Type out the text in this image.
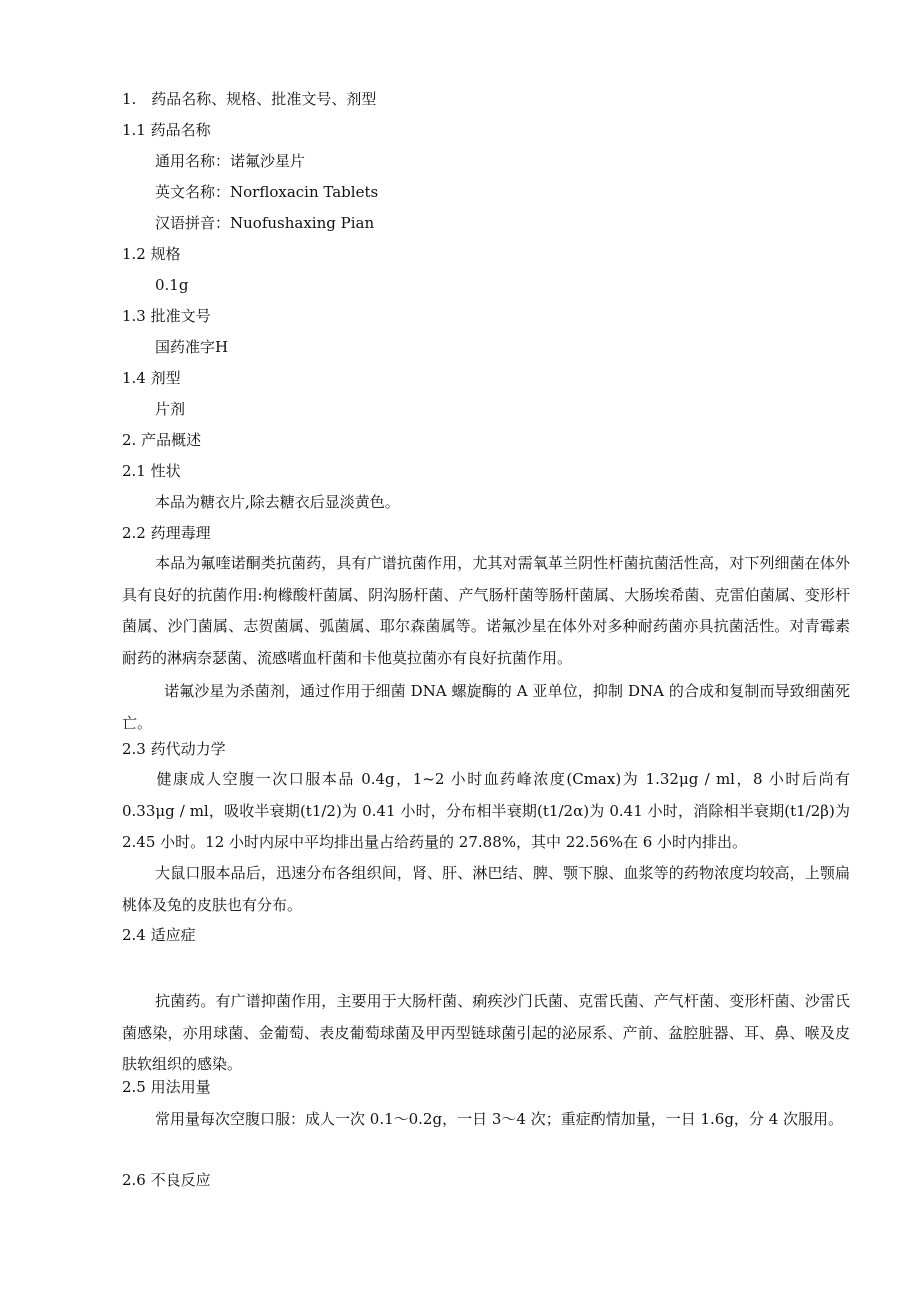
1.　药品名称、规格、批准文号、剂型
1.1 药品名称
通用名称：诺氟沙星片
英文名称：Norfloxacin Tablets
汉语拼音：Nuofushaxing Pian
1.2 规格
0.1g
1.3 批准文号
国药准字H
1.4 剂型
片剂
2. 产品概述
2.1 性状
本品为糖衣片,除去糖衣后显淡黄色。
2.2 药理毒理
本品为氟喹诺酮类抗菌药，具有广谱抗菌作用，尤其对需氧革兰阴性杆菌抗菌活性高，对下列细菌在体外具有良好的抗菌作用:枸橼酸杆菌属、阴沟肠杆菌、产气肠杆菌等肠杆菌属、大肠埃希菌、克雷伯菌属、变形杆菌属、沙门菌属、志贺菌属、弧菌属、耶尔森菌属等。诺氟沙星在体外对多种耐药菌亦具抗菌活性。对青霉素耐药的淋病奈瑟菌、流感嗜血杆菌和卡他莫拉菌亦有良好抗菌作用。
诺氟沙星为杀菌剂，通过作用于细菌 DNA 螺旋酶的 A 亚单位，抑制 DNA 的合成和复制而导致细菌死亡。
2.3 药代动力学
健康成人空腹一次口服本品 0.4g，1~2 小时血药峰浓度(Cmax)为 1.32μg / ml，8 小时后尚有 0.33μg / ml，吸收半衰期(t1/2)为 0.41 小时，分布相半衰期(t1/2α)为 0.41 小时，消除相半衰期(t1/2β)为 2.45 小时。12 小时内尿中平均排出量占给药量的 27.88%，其中 22.56%在 6 小时内排出。
大鼠口服本品后，迅速分布各组织间，肾、肝、淋巴结、脾、颚下腺、血浆等的药物浓度均较高，上颚扁桃体及兔的皮肤也有分布。
2.4 适应症
抗菌药。有广谱抑菌作用，主要用于大肠杆菌、痢疾沙门氏菌、克雷氏菌、产气杆菌、变形杆菌、沙雷氏菌感染，亦用球菌、金葡萄、表皮葡萄球菌及甲丙型链球菌引起的泌尿系、产前、盆腔脏器、耳、鼻、喉及皮肤软组织的感染。
2.5 用法用量
常用量每次空腹口服：成人一次 0.1～0.2g，一日 3～4 次；重症酌情加量，一日 1.6g，分 4 次服用。
2.6 不良反应
